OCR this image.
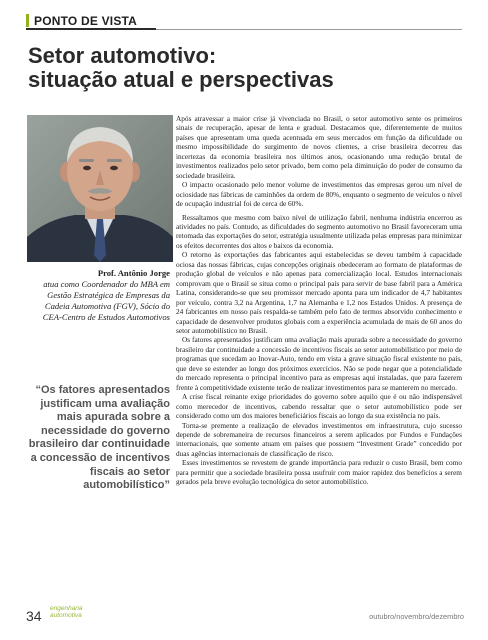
PONTO DE VISTA
Setor automotivo:
situação atual e perspectivas
Prof. Antônio Jorge
atua como Coordenador do MBA em Gestão Estratégica de Empresas da Cadeia Automotiva (FGV), Sócio do CEA-Centro de Estudos Automotivos
“Os fatores apresentados justificam uma avaliação mais apurada sobre a necessidade do governo brasileiro dar continuidade a concessão de incentivos fiscais ao setor automobilístico”

Após atravessar a maior crise já vivenciada no Brasil, o setor automotivo sente os primeiros sinais de recuperação, apesar de lenta e gradual. Destacamos que, diferentemente de muitos países que apresentam uma queda acentuada em seus mercados em função da dificuldade ou mesmo impossibilidade do surgimento de novos clientes, a crise brasileira decorreu das incertezas da economia brasileira nos últimos anos, ocasionando uma redução brutal de investimentos realizados pelo setor privado, bem como pela diminuição do poder de consumo da sociedade brasileira.

O impacto ocasionado pelo menor volume de investimentos das empresas gerou um nível de ociosidade nas fábricas de caminhões da ordem de 80%, enquanto o segmento de veículos o nível de ocupação industrial foi de cerca de 60%.

Ressaltamos que mesmo com baixo nível de utilização fabril, nenhuma indústria encerrou as atividades no país. Contudo, as dificuldades do segmento automotivo no Brasil favoreceram uma retomada das exportações do setor, estratégia usualmente utilizada pelas empresas para minimizar os efeitos decorrentes dos altos e baixos da economia.

O retorno às exportações das fabricantes aqui estabelecidas se deveu também à capacidade ociosa das nossas fábricas, cujas concepções originais obedeceram ao formato de plataformas de produção global de veículos e não apenas para comercialização local. Estudos internacionais comprovam que o Brasil se situa como o principal país para servir de base fabril para a América Latina, considerando-se que seu promissor mercado aponta para um indicador de 4,7 habitantes por veículo, contra 3,2 na Argentina, 1,7 na Alemanha e 1,2 nos Estados Unidos. A presença de 24 fabricantes em nosso país respalda-se também pelo fato de termos absorvido conhecimento e capacidade de desenvolver produtos globais com a experiência acumulada de mais de 60 anos do setor automobilístico no Brasil.

Os fatores apresentados justificam uma avaliação mais apurada sobre a necessidade do governo brasileiro dar continuidade a concessão de incentivos fiscais ao setor automobilístico por meio de programas que sucedam ao Inovar-Auto, tendo em vista a grave situação fiscal existente no país, que deve se estender ao longo dos próximos exercícios. Não se pode negar que a potencialidade do mercado representa o principal incentivo para as empresas aqui instaladas, que para fazerem frente à competitividade existente terão de realizar investimentos para se manterem no mercado.

A crise fiscal reinante exige prioridades do governo sobre aquilo que é ou não indispensável como merecedor de incentivos, cabendo ressaltar que o setor automobilístico pode ser considerado como um dos maiores beneficiários fiscais ao longo da sua existência no país.

Torna-se premente a realização de elevados investimentos em infraestrutura, cujo sucesso depende de sobremaneira de recursos financeiros a serem aplicados por Fundos e Fundações internacionais, que somente atuam em países que possuem “Investment Grade” concedido por duas agências internacionais de classificação de risco.

Esses investimentos se revestem de grande importância para reduzir o custo Brasil, bem como para permitir que a sociedade brasileira possa usufruir com maior rapidez dos benefícios a serem gerados pela breve evolução tecnológica do setor automobilístico.

34 engenharia
automotiva	outubro/novembro/dezembro
